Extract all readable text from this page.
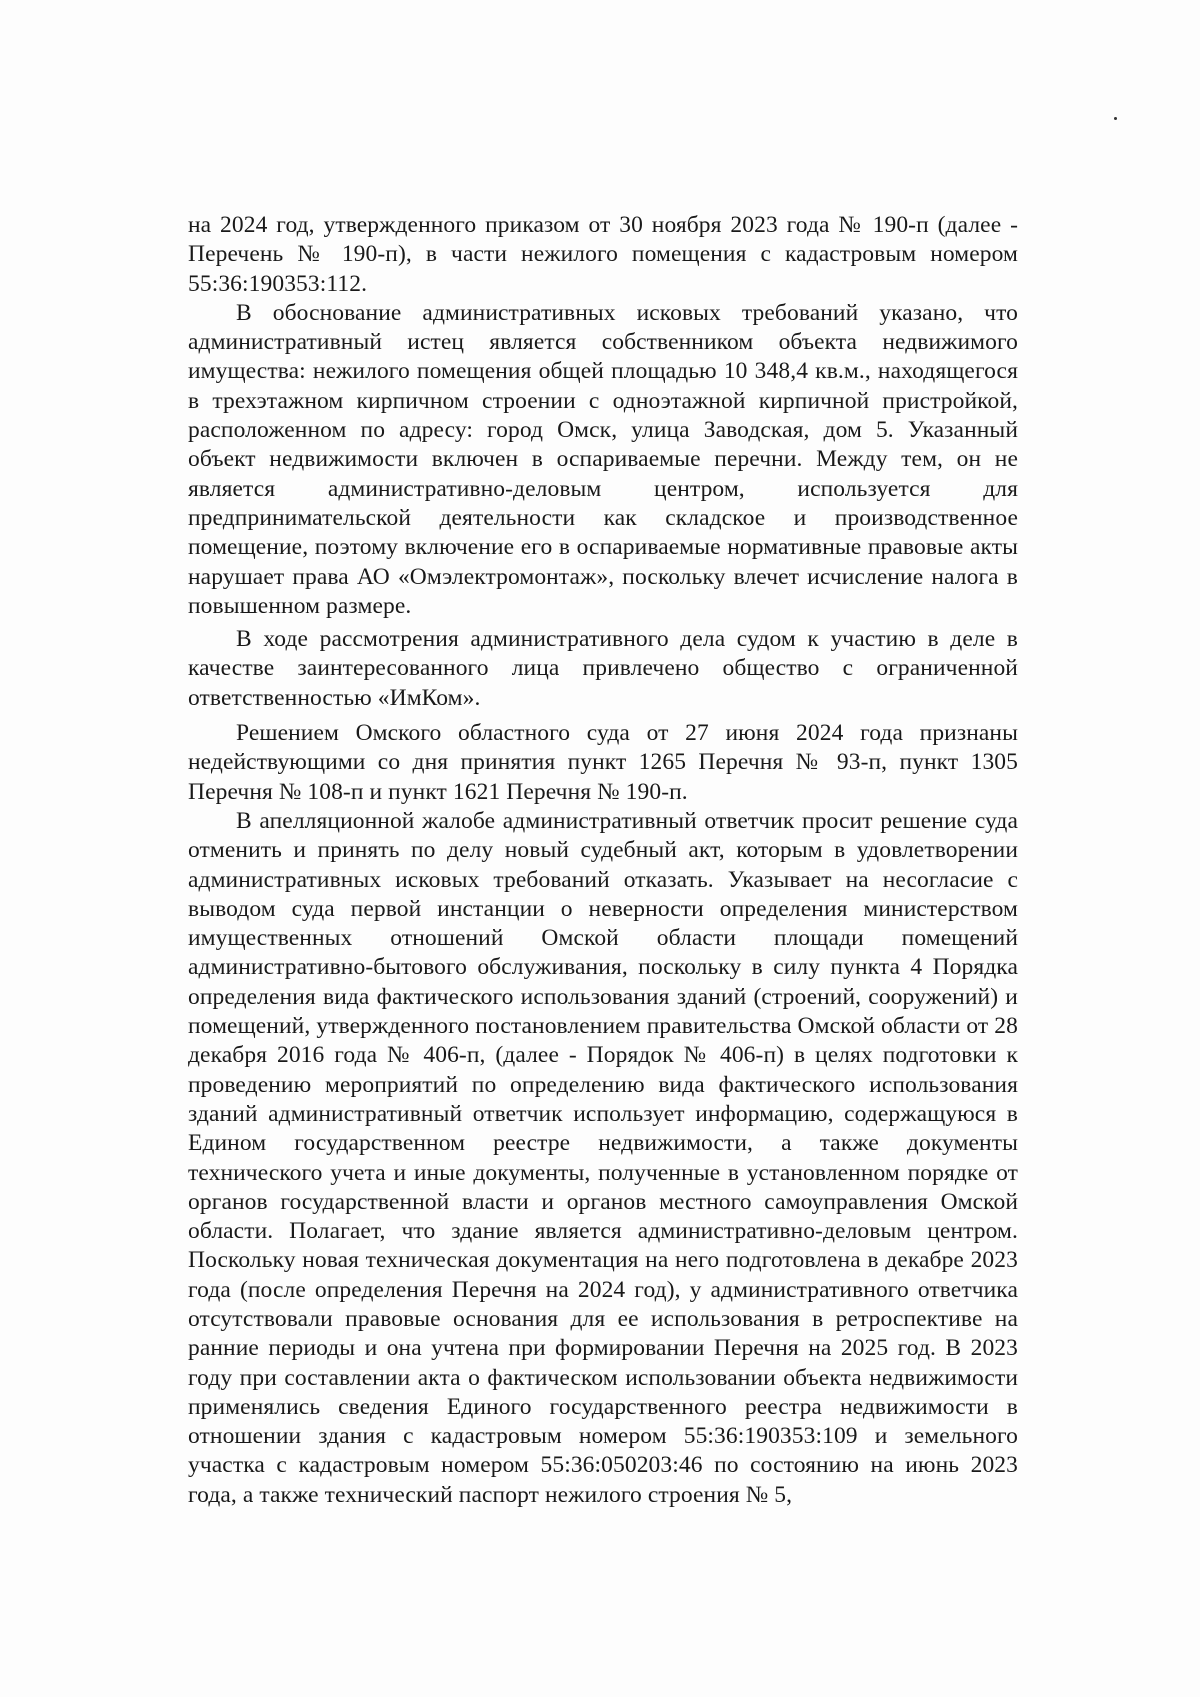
на 2024 год, утвержденного приказом от 30 ноября 2023 года № 190-п (далее - Перечень № 190-п), в части нежилого помещения с кадастровым номером 55:36:190353:112.

В обоснование административных исковых требований указано, что административный истец является собственником объекта недвижимого имущества: нежилого помещения общей площадью 10 348,4 кв.м., находящегося в трехэтажном кирпичном строении с одноэтажной кирпичной пристройкой, расположенном по адресу: город Омск, улица Заводская, дом 5. Указанный объект недвижимости включен в оспариваемые перечни. Между тем, он не является административно-деловым центром, используется для предпринимательской деятельности как складское и производственное помещение, поэтому включение его в оспариваемые нормативные правовые акты нарушает права АО «Омэлектромонтаж», поскольку влечет исчисление налога в повышенном размере.

В ходе рассмотрения административного дела судом к участию в деле в качестве заинтересованного лица привлечено общество с ограниченной ответственностью «ИмКом».

Решением Омского областного суда от 27 июня 2024 года признаны недействующими со дня принятия пункт 1265 Перечня № 93-п, пункт 1305 Перечня № 108-п и пункт 1621 Перечня № 190-п.

В апелляционной жалобе административный ответчик просит решение суда отменить и принять по делу новый судебный акт, которым в удовлетворении административных исковых требований отказать. Указывает на несогласие с выводом суда первой инстанции о неверности определения министерством имущественных отношений Омской области площади помещений административно-бытового обслуживания, поскольку в силу пункта 4 Порядка определения вида фактического использования зданий (строений, сооружений) и помещений, утвержденного постановлением правительства Омской области от 28 декабря 2016 года № 406-п, (далее - Порядок № 406-п) в целях подготовки к проведению мероприятий по определению вида фактического использования зданий административный ответчик использует информацию, содержащуюся в Едином государственном реестре недвижимости, а также документы технического учета и иные документы, полученные в установленном порядке от органов государственной власти и органов местного самоуправления Омской области. Полагает, что здание является административно-деловым центром. Поскольку новая техническая документация на него подготовлена в декабре 2023 года (после определения Перечня на 2024 год), у административного ответчика отсутствовали правовые основания для ее использования в ретроспективе на ранние периоды и она учтена при формировании Перечня на 2025 год. В 2023 году при составлении акта о фактическом использовании объекта недвижимости применялись сведения Единого государственного реестра недвижимости в отношении здания с кадастровым номером 55:36:190353:109 и земельного участка с кадастровым номером 55:36:050203:46 по состоянию на июнь 2023 года, а также технический паспорт нежилого строения № 5,
